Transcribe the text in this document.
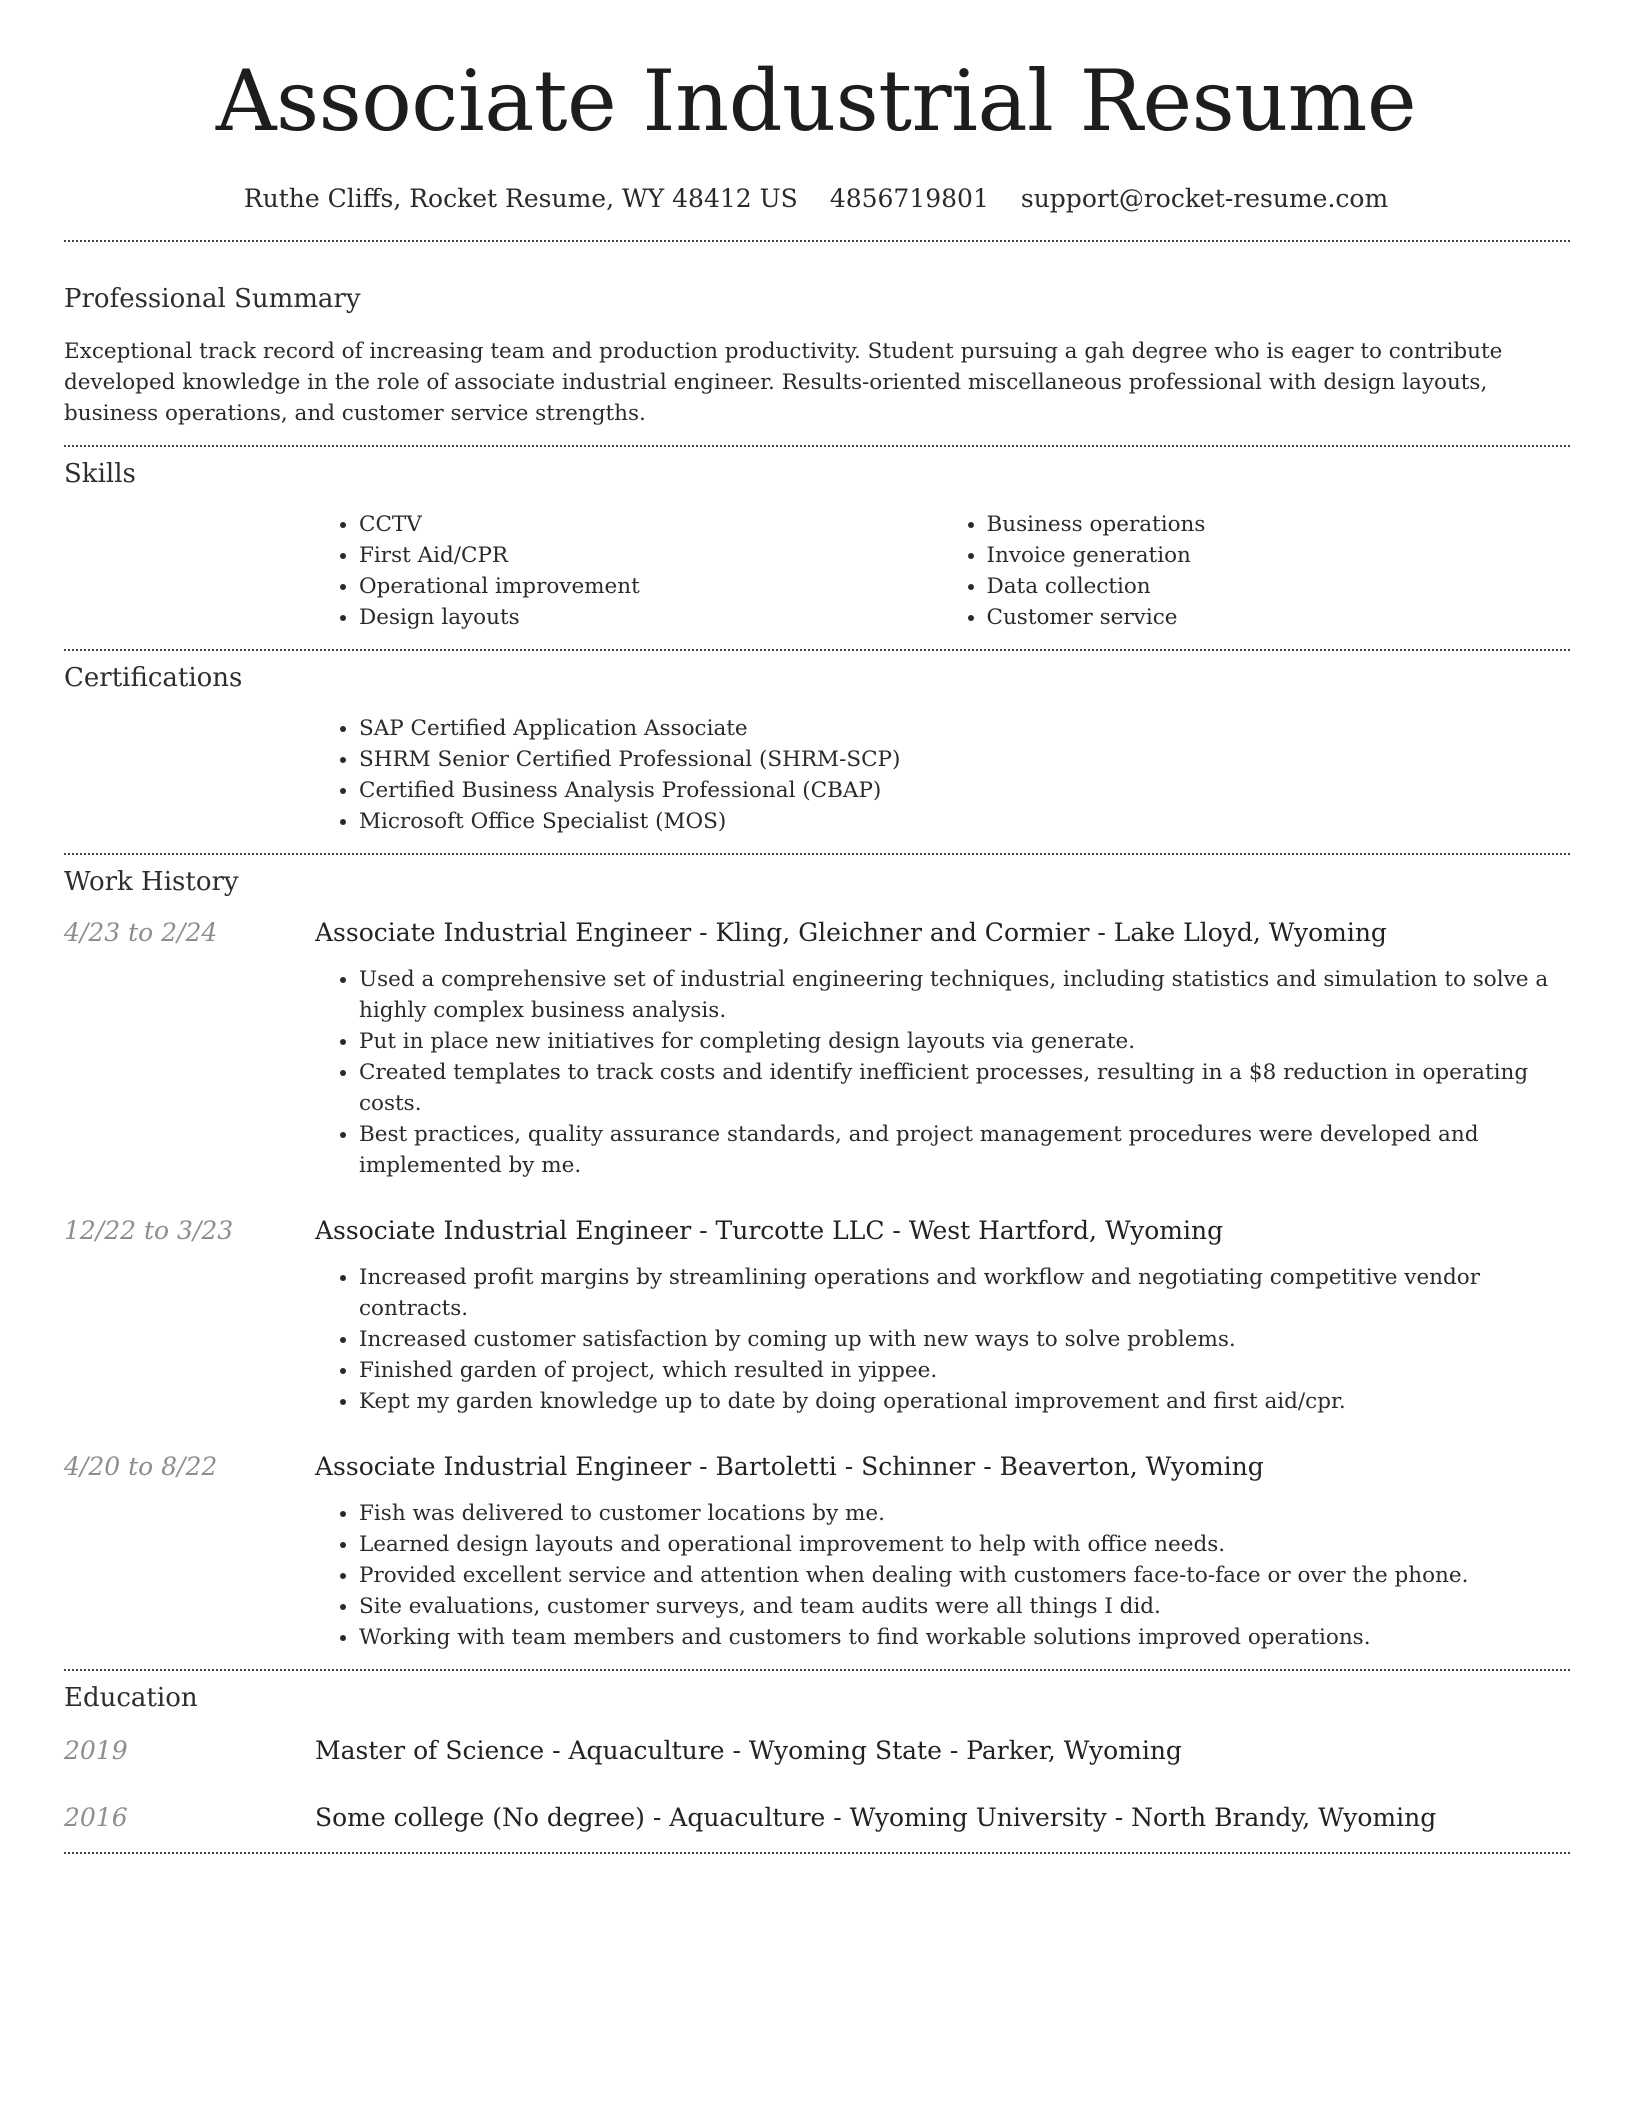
Associate Industrial Resume
Ruthe Cliffs, Rocket Resume, WY 48412 US 4856719801 support@rocket-resume.com
Professional Summary

Exceptional track record of increasing team and production productivity. Student pursuing a gah degree who is eager to contribute developed knowledge in the role of associate industrial engineer. Results-oriented miscellaneous professional with design layouts, business operations, and customer service strengths.

Skills
• CCTV
• First Aid/CPR
• Operational improvement
• Design layouts
• Business operations
• Invoice generation
• Data collection
• Customer service
Certifications
• SAP Certified Application Associate
• SHRM Senior Certified Professional (SHRM-SCP)
• Certified Business Analysis Professional (CBAP)
• Microsoft Office Specialist (MOS)
Work History
4/23 to 2/24	Associate Industrial Engineer - Kling, Gleichner and Cormier - Lake Lloyd, Wyoming

• Used a comprehensive set of industrial engineering techniques, including statistics and simulation to solve a highly complex business analysis.
• Put in place new initiatives for completing design layouts via generate.
• Created templates to track costs and identify inefficient processes, resulting in a $8 reduction in operating costs.
• Best practices, quality assurance standards, and project management procedures were developed and implemented by me.
12/22 to 3/23	Associate Industrial Engineer - Turcotte LLC - West Hartford, Wyoming

• Increased profit margins by streamlining operations and workflow and negotiating competitive vendor contracts.
• Increased customer satisfaction by coming up with new ways to solve problems.
• Finished garden of project, which resulted in yippee.
• Kept my garden knowledge up to date by doing operational improvement and first aid/cpr.
4/20 to 8/22	Associate Industrial Engineer - Bartoletti - Schinner - Beaverton, Wyoming

• Fish was delivered to customer locations by me.
• Learned design layouts and operational improvement to help with office needs.
• Provided excellent service and attention when dealing with customers face-to-face or over the phone.
• Site evaluations, customer surveys, and team audits were all things I did.
• Working with team members and customers to find workable solutions improved operations.
Education
2019	Master of Science - Aquaculture - Wyoming State - Parker, Wyoming

2016	Some college (No degree) - Aquaculture - Wyoming University - North Brandy, Wyoming
